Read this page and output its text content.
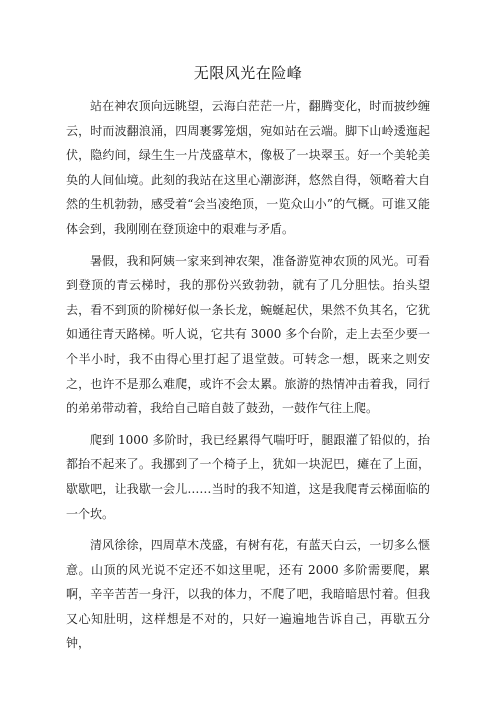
无限风光在险峰

站在神农顶向远眺望，云海白茫茫一片，翻腾变化，时而披纱缠云，时而波翻浪涌，四周裹雾笼烟，宛如站在云端。脚下山岭逶迤起伏，隐约间，绿生生一片茂盛草木，像极了一块翠玉。好一个美轮美奂的人间仙境。此刻的我站在这里心潮澎湃，悠然自得，领略着大自然的生机勃勃，感受着“会当凌绝顶，一览众山小”的气概。可谁又能体会到，我刚刚在登顶途中的艰难与矛盾。

暑假，我和阿姨一家来到神农架，准备游览神农顶的风光。可看到登顶的青云梯时，我的那份兴致勃勃，就有了几分胆怯。抬头望去，看不到顶的阶梯好似一条长龙，蜿蜒起伏，果然不负其名，它犹如通往青天路梯。听人说，它共有 3000 多个台阶，走上去至少要一个半小时，我不由得心里打起了退堂鼓。可转念一想，既来之则安之，也许不是那么难爬，或许不会太累。旅游的热情冲击着我，同行的弟弟带动着，我给自己暗自鼓了鼓劲，一鼓作气往上爬。

爬到 1000 多阶时，我已经累得气喘吁吁，腿跟灌了铅似的，抬都抬不起来了。我挪到了一个椅子上，犹如一块泥巴，瘫在了上面，歇歇吧，让我歇一会儿……当时的我不知道，这是我爬青云梯面临的一个坎。

清风徐徐，四周草木茂盛，有树有花，有蓝天白云，一切多么惬意。山顶的风光说不定还不如这里呢，还有 2000 多阶需要爬，累啊，辛辛苦苦一身汗，以我的体力，不爬了吧，我暗暗思忖着。但我又心知肚明，这样想是不对的，只好一遍遍地告诉自己，再歇五分钟，
